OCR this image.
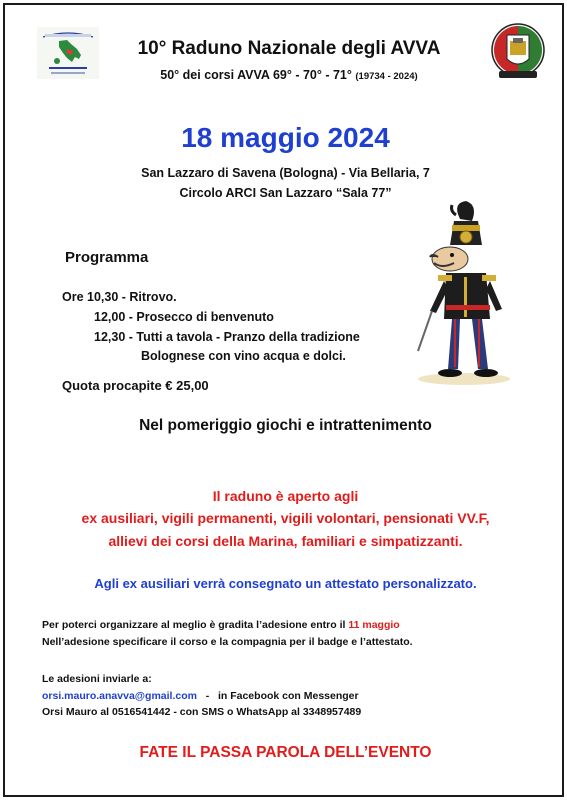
10° Raduno Nazionale degli AVVA
50° dei corsi AVVA 69° - 70° - 71° (19734 - 2024)
18 maggio 2024
San Lazzaro di Savena (Bologna) - Via Bellaria, 7
Circolo ARCI San Lazzaro “Sala 77”
Programma
Ore 10,30 - Ritrovo.
12,00 - Prosecco di benvenuto
12,30 - Tutti a tavola - Pranzo della tradizione
Bolognese con vino acqua e dolci.
Quota procapite € 25,00
Nel pomeriggio giochi e intrattenimento
Il raduno è aperto agli
ex ausiliari, vigili permanenti, vigili volontari, pensionati VV.F,
allievi dei corsi della Marina, familiari e simpatizzanti.
Agli ex ausiliari verrà consegnato un attestato personalizzato.
Per poterci organizzare al meglio è gradita l’adesione entro il 11 maggio
Nell’adesione specificare il corso e la compagnia per il badge e l’attestato.
Le adesioni inviarle a:
orsi.mauro.anavva@gmail.com   -   in Facebook con Messenger
Orsi Mauro al 0516541442 - con SMS o WhatsApp al 3348957489
FATE IL PASSA PAROLA DELL’EVENTO
